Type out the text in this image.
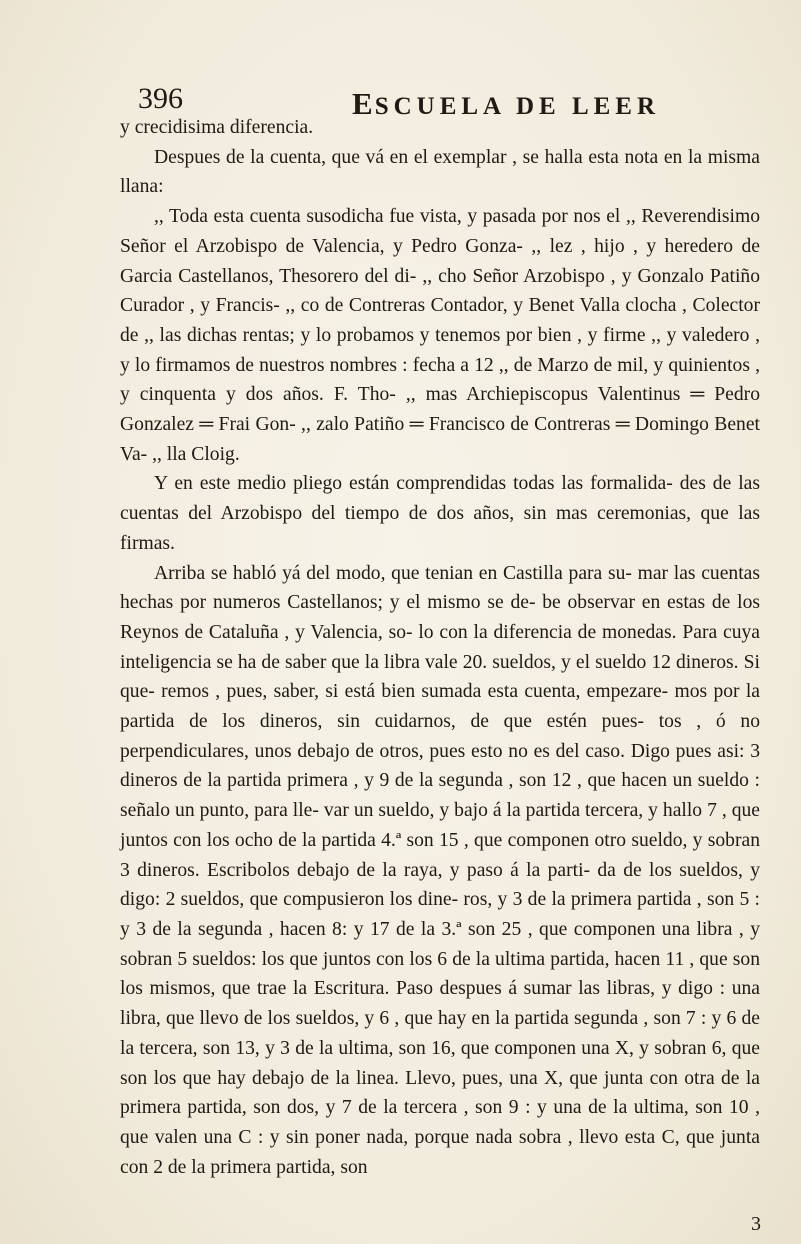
396	ESCUELA DE LEER

y crecidisima diferencia.

Despues de la cuenta, que vá en el exemplar , se halla esta nota en la misma llana:

,, Toda esta cuenta susodicha fue vista, y pasada por nos el ,, Reverendisimo Señor el Arzobispo de Valencia, y Pedro Gonza- ,, lez , hijo , y heredero de Garcia Castellanos, Thesorero del di- ,, cho Señor Arzobispo , y Gonzalo Patiño Curador , y Francis- ,, co de Contreras Contador, y Benet Valla clocha , Colector de ,, las dichas rentas; y lo probamos y tenemos por bien , y firme ,, y valedero , y lo firmamos de nuestros nombres : fecha a 12 ,, de Marzo de mil, y quinientos , y cinquenta y dos años. F. Tho- ,, mas Archiepiscopus Valentinus ═ Pedro Gonzalez ═ Frai Gon- ,, zalo Patiño ═ Francisco de Contreras ═ Domingo Benet Va- ,, lla Cloig.

Y en este medio pliego están comprendidas todas las formalida- des de las cuentas del Arzobispo del tiempo de dos años, sin mas ceremonias, que las firmas.

Arriba se habló yá del modo, que tenian en Castilla para su- mar las cuentas hechas por numeros Castellanos; y el mismo se de- be observar en estas de los Reynos de Cataluña , y Valencia, so- lo con la diferencia de monedas. Para cuya inteligencia se ha de saber que la libra vale 20. sueldos, y el sueldo 12 dineros. Si que- remos , pues, saber, si está bien sumada esta cuenta, empezare- mos por la partida de los dineros, sin cuidarnos, de que estén pues- tos , ó no perpendiculares, unos debajo de otros, pues esto no es del caso. Digo pues asi: 3 dineros de la partida primera , y 9 de la segunda , son 12 , que hacen un sueldo : señalo un punto, para lle- var un sueldo, y bajo á la partida tercera, y hallo 7 , que juntos con los ocho de la partida 4.ª son 15 , que componen otro sueldo, y sobran 3 dineros. Escribolos debajo de la raya, y paso á la parti- da de los sueldos, y digo: 2 sueldos, que compusieron los dine- ros, y 3 de la primera partida , son 5 : y 3 de la segunda , hacen 8: y 17 de la 3.ª son 25 , que componen una libra , y sobran 5 sueldos: los que juntos con los 6 de la ultima partida, hacen 11 , que son los mismos, que trae la Escritura. Paso despues á sumar las libras, y digo : una libra, que llevo de los sueldos, y 6 , que hay en la partida segunda , son 7 : y 6 de la tercera, son 13, y 3 de la ultima, son 16, que componen una X, y sobran 6, que son los que hay debajo de la linea. Llevo, pues, una X, que junta con otra de la primera partida, son dos, y 7 de la tercera , son 9 : y una de la ultima, son 10 , que valen una C : y sin poner nada, porque nada sobra , llevo esta C, que junta con 2 de la primera partida, son

3
